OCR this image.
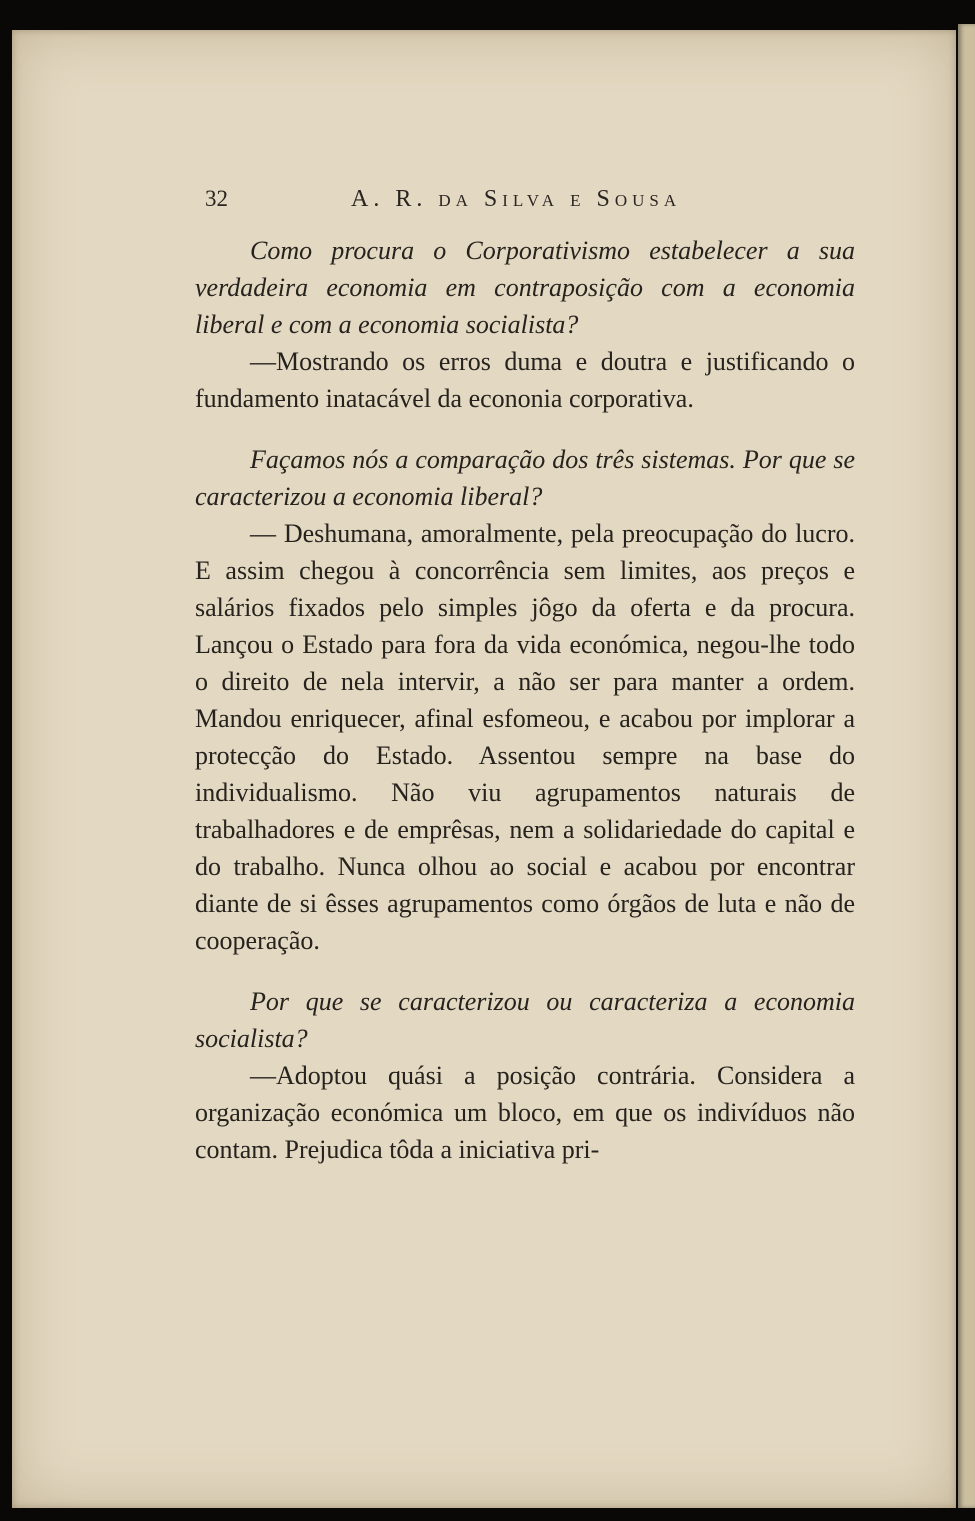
32	A. R. da Silva e Sousa

Como procura o Corporativismo estabelecer a sua verdadeira economia em contraposição com a economia liberal e com a economia socialista?

—Mostrando os erros duma e doutra e justificando o fundamento inatacável da econonia corporativa.

Façamos nós a comparação dos três sistemas. Por que se caracterizou a economia liberal?

— Deshumana, amoralmente, pela preocupação do lucro. E assim chegou à concorrência sem limites, aos preços e salários fixados pelo simples jôgo da oferta e da procura. Lançou o Estado para fora da vida económica, negou-lhe todo o direito de nela intervir, a não ser para manter a ordem. Mandou enriquecer, afinal esfomeou, e acabou por implorar a protecção do Estado. Assentou sempre na base do individualismo. Não viu agrupamentos naturais de trabalhadores e de emprêsas, nem a solidariedade do capital e do trabalho. Nunca olhou ao social e acabou por encontrar diante de si êsses agrupamentos como órgãos de luta e não de cooperação.

Por que se caracterizou ou caracteriza a economia socialista?

—Adoptou quási a posição contrária. Considera a organização económica um bloco, em que os indivíduos não contam. Prejudica tôda a iniciativa pri-
